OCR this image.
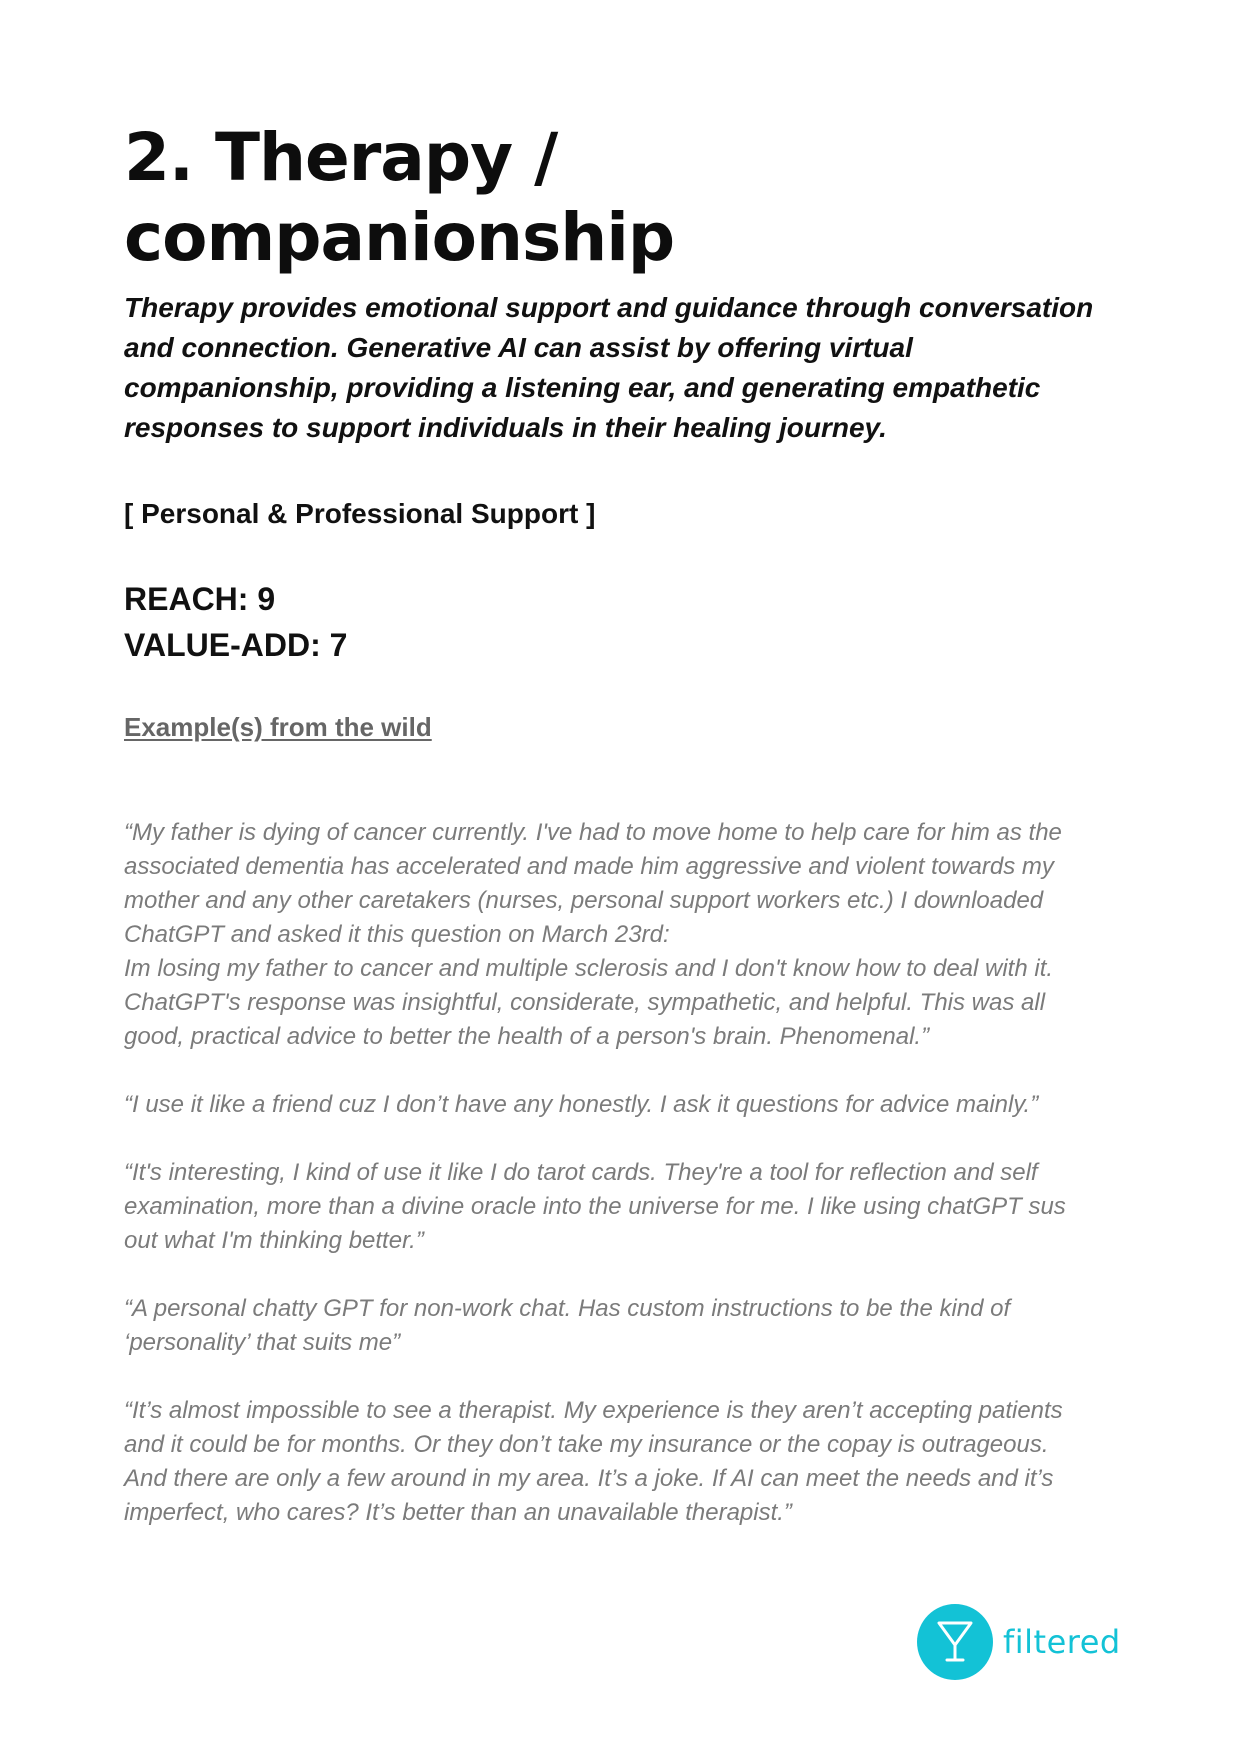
2. Therapy / companionship

Therapy provides emotional support and guidance through conversation and connection. Generative AI can assist by offering virtual companionship, providing a listening ear, and generating empathetic responses to support individuals in their healing journey.

[ Personal & Professional Support ]
REACH: 9
VALUE-ADD: 7
Example(s) from the wild

“My father is dying of cancer currently. I've had to move home to help care for him as the
associated dementia has accelerated and made him aggressive and violent towards my
mother and any other caretakers (nurses, personal support workers etc.) I downloaded
ChatGPT and asked it this question on March 23rd:
Im losing my father to cancer and multiple sclerosis and I don't know how to deal with it.
ChatGPT's response was insightful, considerate, sympathetic, and helpful. This was all
good, practical advice to better the health of a person's brain. Phenomenal.”

“I use it like a friend cuz I don’t have any honestly. I ask it questions for advice mainly.”

“It's interesting, I kind of use it like I do tarot cards. They're a tool for reflection and self
examination, more than a divine oracle into the universe for me. I like using chatGPT sus
out what I'm thinking better.”

“A personal chatty GPT for non-work chat. Has custom instructions to be the kind of
‘personality’ that suits me”

“It’s almost impossible to see a therapist. My experience is they aren’t accepting patients
and it could be for months. Or they don’t take my insurance or the copay is outrageous.
And there are only a few around in my area. It’s a joke. If AI can meet the needs and it’s
imperfect, who cares? It’s better than an unavailable therapist.”

filtered
